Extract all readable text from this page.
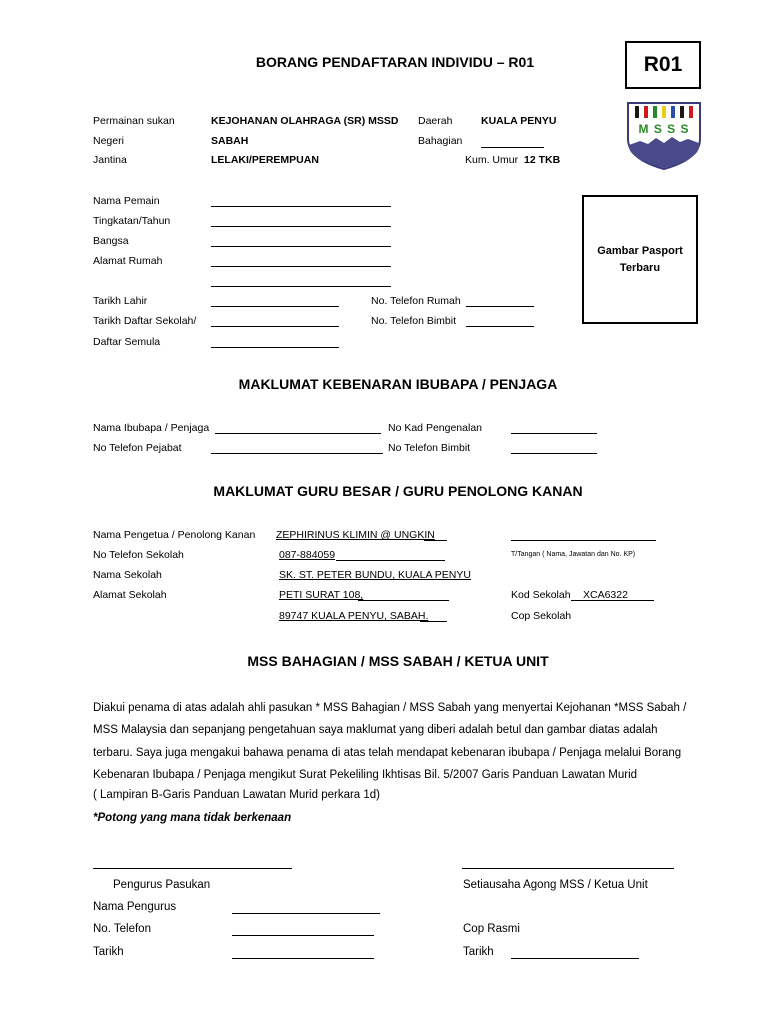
BORANG PENDAFTARAN INDIVIDU – R01	R01
M S S S
Permainan sukan	KEJOHANAN OLAHRAGA (SR) MSSD Daerah	KUALA PENYU
Negeri	SABAH	Bahagian
Jantina	LELAKI/PEREMPUAN	Kum. Umur 12 TKB
Nama Pemain
Tingkatan/Tahun
Bangsa
Alamat Rumah
Tarikh Lahir	No. Telefon Rumah
Tarikh Daftar Sekolah/	No. Telefon Bimbit
Daftar Semula
Gambar Pasport
Terbaru
MAKLUMAT KEBENARAN IBUBAPA / PENJAGA
Nama Ibubapa / Penjaga	No Kad Pengenalan
No Telefon Pejabat	No Telefon Bimbit
MAKLUMAT GURU BESAR / GURU PENOLONG KANAN
Nama Pengetua / Penolong Kanan ZEPHIRINUS KLIMIN @ UNGKIN
No Telefon Sekolah	087-884059	T/Tangan ( Nama, Jawatan dan No. KP)
Nama Sekolah	SK. ST. PETER BUNDU, KUALA PENYU
Alamat Sekolah	PETI SURAT 108,	Kod Sekolah XCA6322
89747 KUALA PENYU, SABAH.	Cop Sekolah
MSS BAHAGIAN / MSS SABAH / KETUA UNIT
Diakui penama di atas adalah ahli pasukan * MSS Bahagian / MSS Sabah yang menyertai Kejohanan *MSS Sabah /
MSS Malaysia dan sepanjang pengetahuan saya maklumat yang diberi adalah betul dan gambar diatas adalah
terbaru. Saya juga mengakui bahawa penama di atas telah mendapat kebenaran ibubapa / Penjaga melalui Borang
Kebenaran Ibubapa / Penjaga mengikut Surat Pekeliling Ikhtisas Bil. 5/2007 Garis Panduan Lawatan Murid
( Lampiran B-Garis Panduan Lawatan Murid perkara 1d)
*Potong yang mana tidak berkenaan
Pengurus Pasukan	Setiausaha Agong MSS / Ketua Unit
Nama Pengurus
No. Telefon	Cop Rasmi
Tarikh	Tarikh
